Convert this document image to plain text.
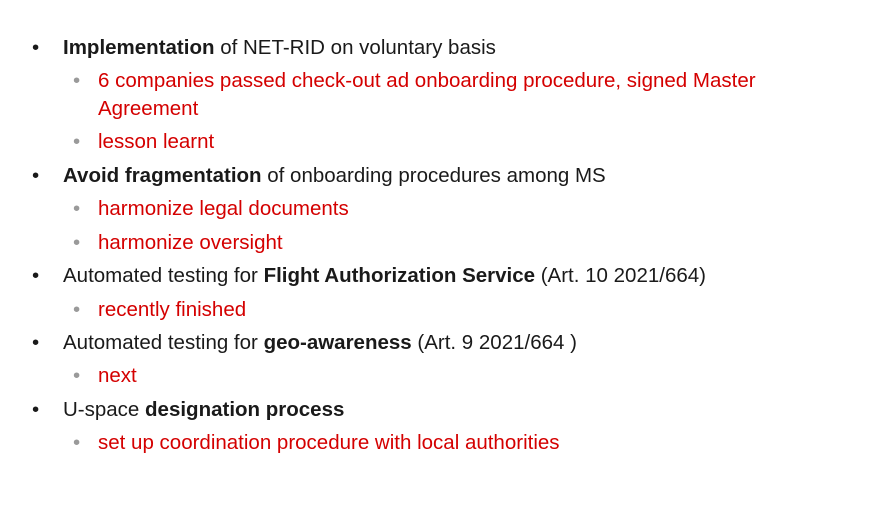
• Implementation of NET-RID on voluntary basis
• 6 companies passed check-out ad onboarding procedure, signed Master Agreement
• lesson learnt
• Avoid fragmentation of onboarding procedures among MS
• harmonize legal documents
• harmonize oversight
• Automated testing for Flight Authorization Service (Art. 10 2021/664)
• recently finished
• Automated testing for geo-awareness (Art. 9 2021/664 )
• next
• U-space designation process
• set up coordination procedure with local authorities
